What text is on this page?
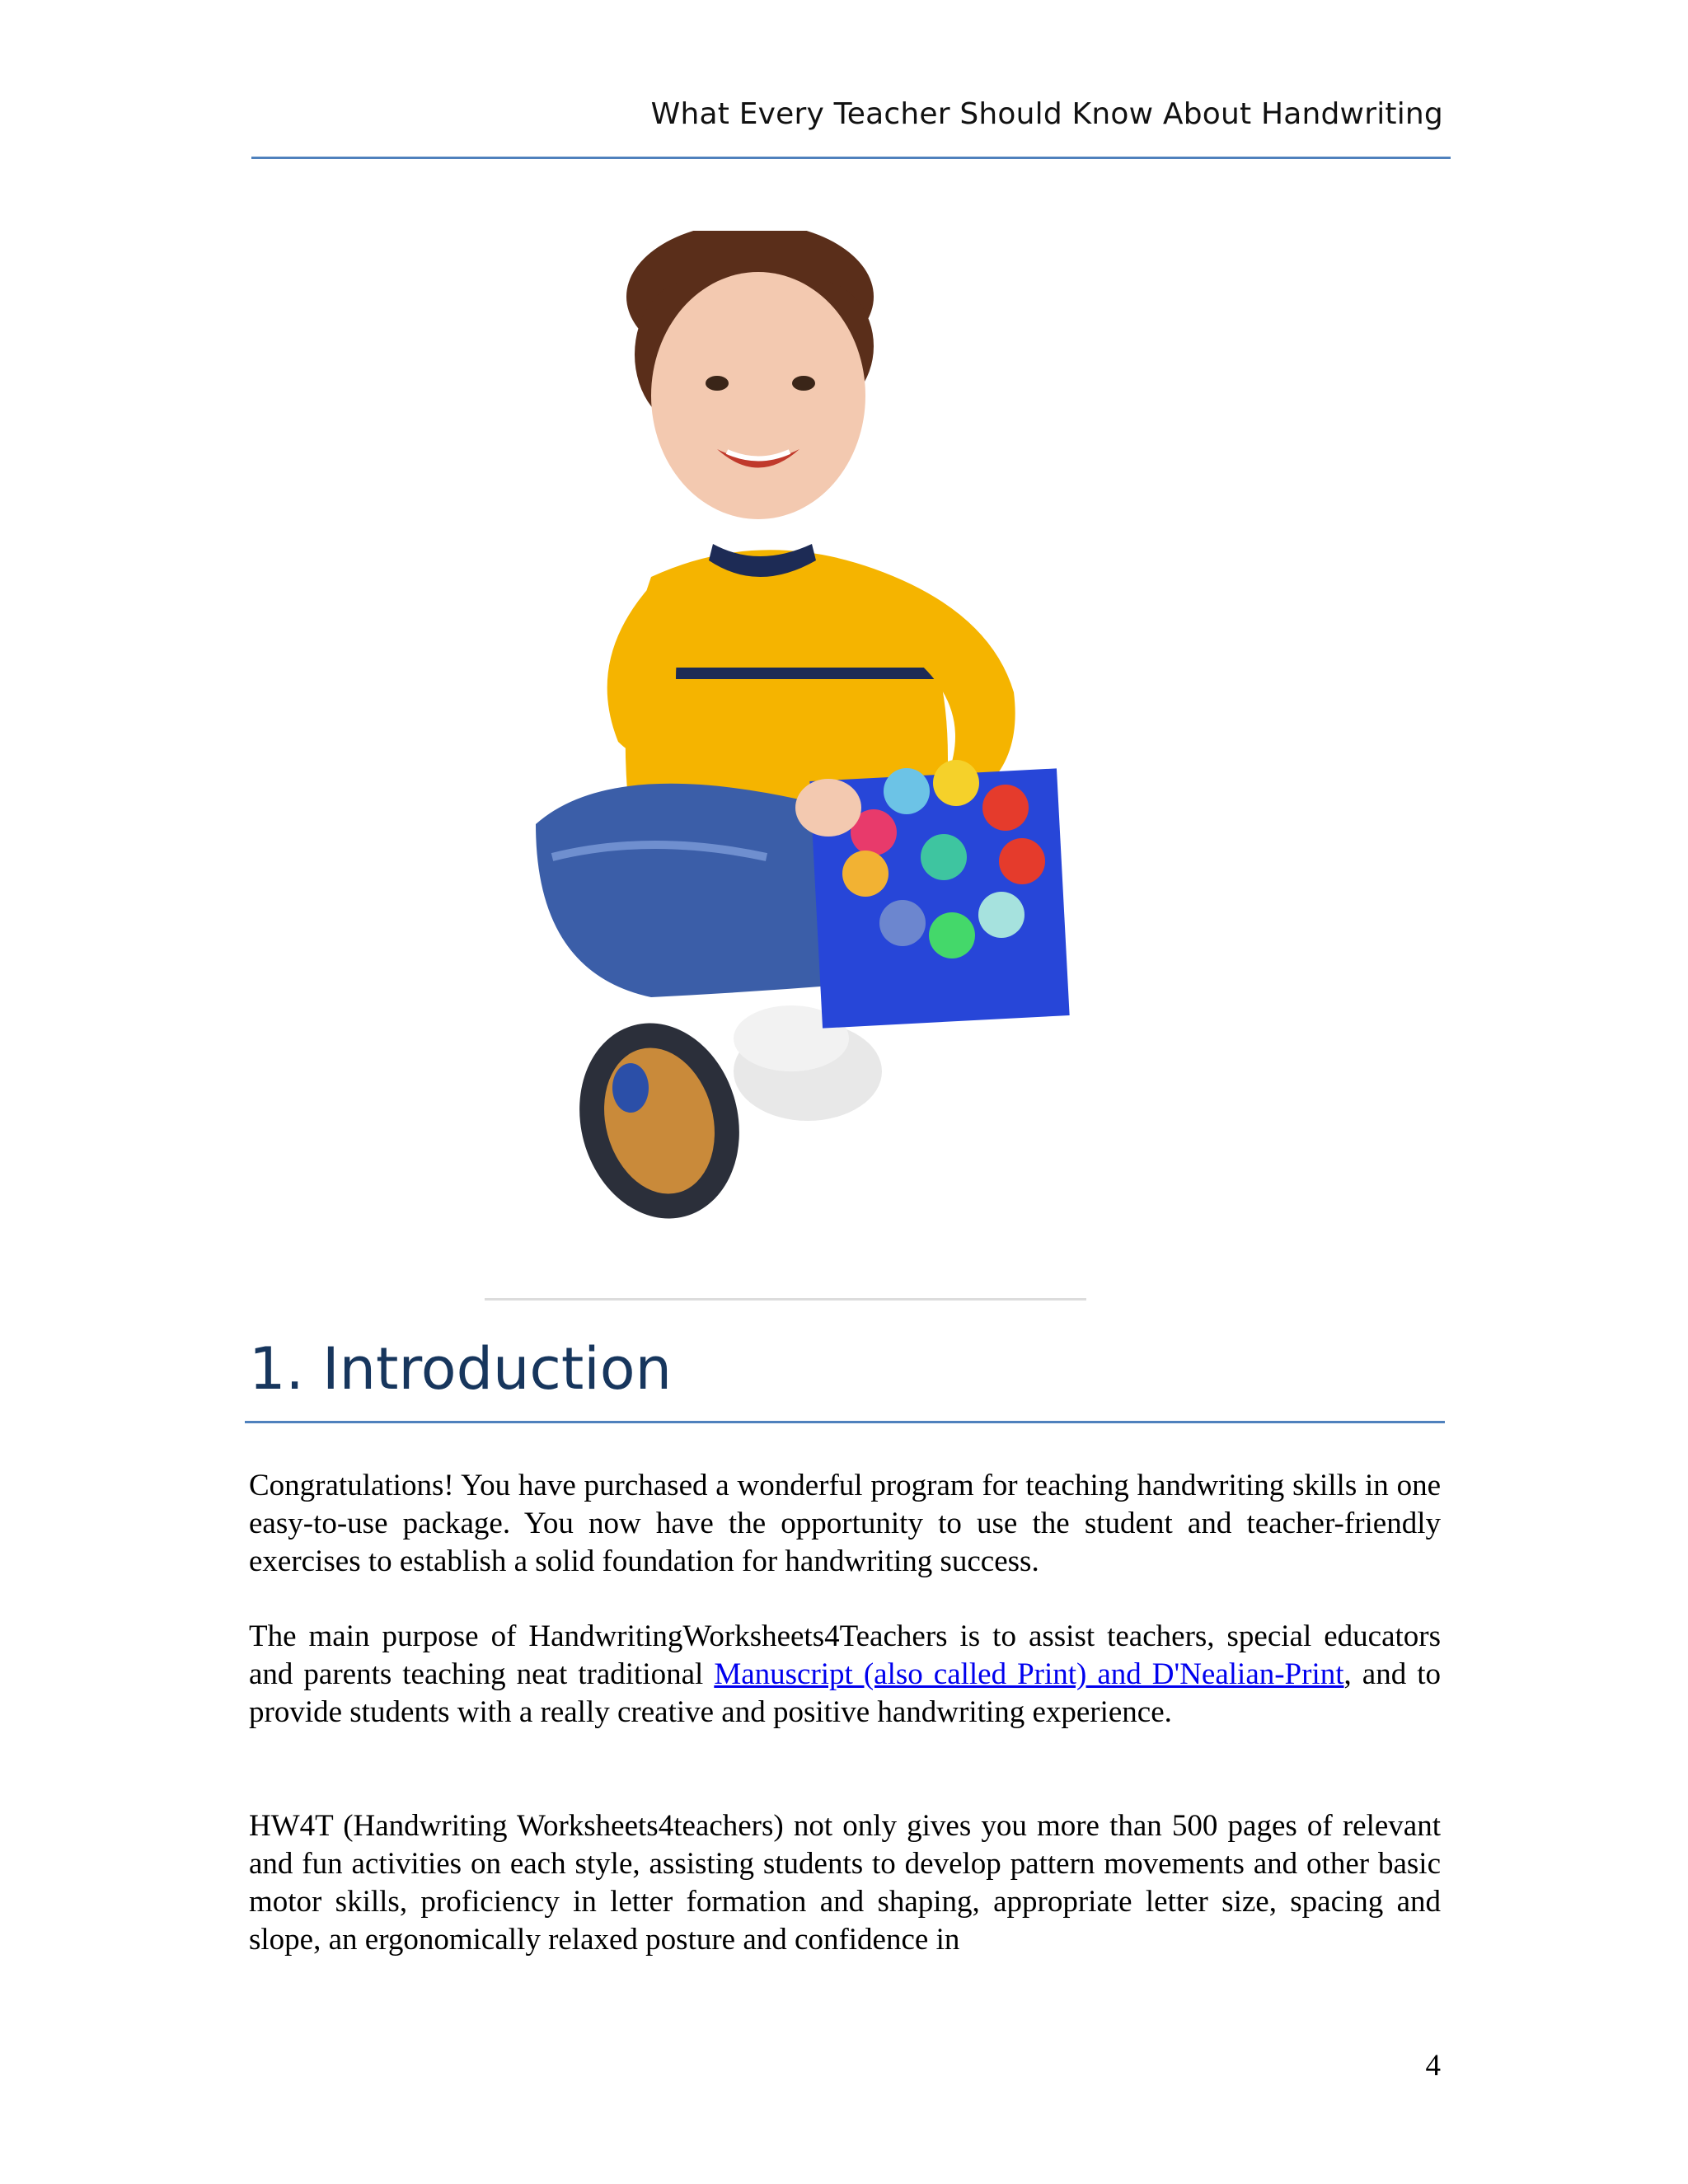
What Every Teacher Should Know About Handwriting
1. Introduction

Congratulations! You have purchased a wonderful program for teaching handwriting skills in one easy-to-use package. You now have the opportunity to use the student and teacher-friendly exercises to establish a solid foundation for handwriting success.

The main purpose of HandwritingWorksheets4Teachers is to assist teachers, special educators and parents teaching neat traditional Manuscript (also called Print) and D'Nealian-Print, and to provide students with a really creative and positive handwriting experience.

HW4T (Handwriting Worksheets4teachers) not only gives you more than 500 pages of relevant and fun activities on each style, assisting students to develop pattern movements and other basic motor skills, proficiency in letter formation and shaping, appropriate letter size, spacing and slope, an ergonomically relaxed posture and confidence in

4
